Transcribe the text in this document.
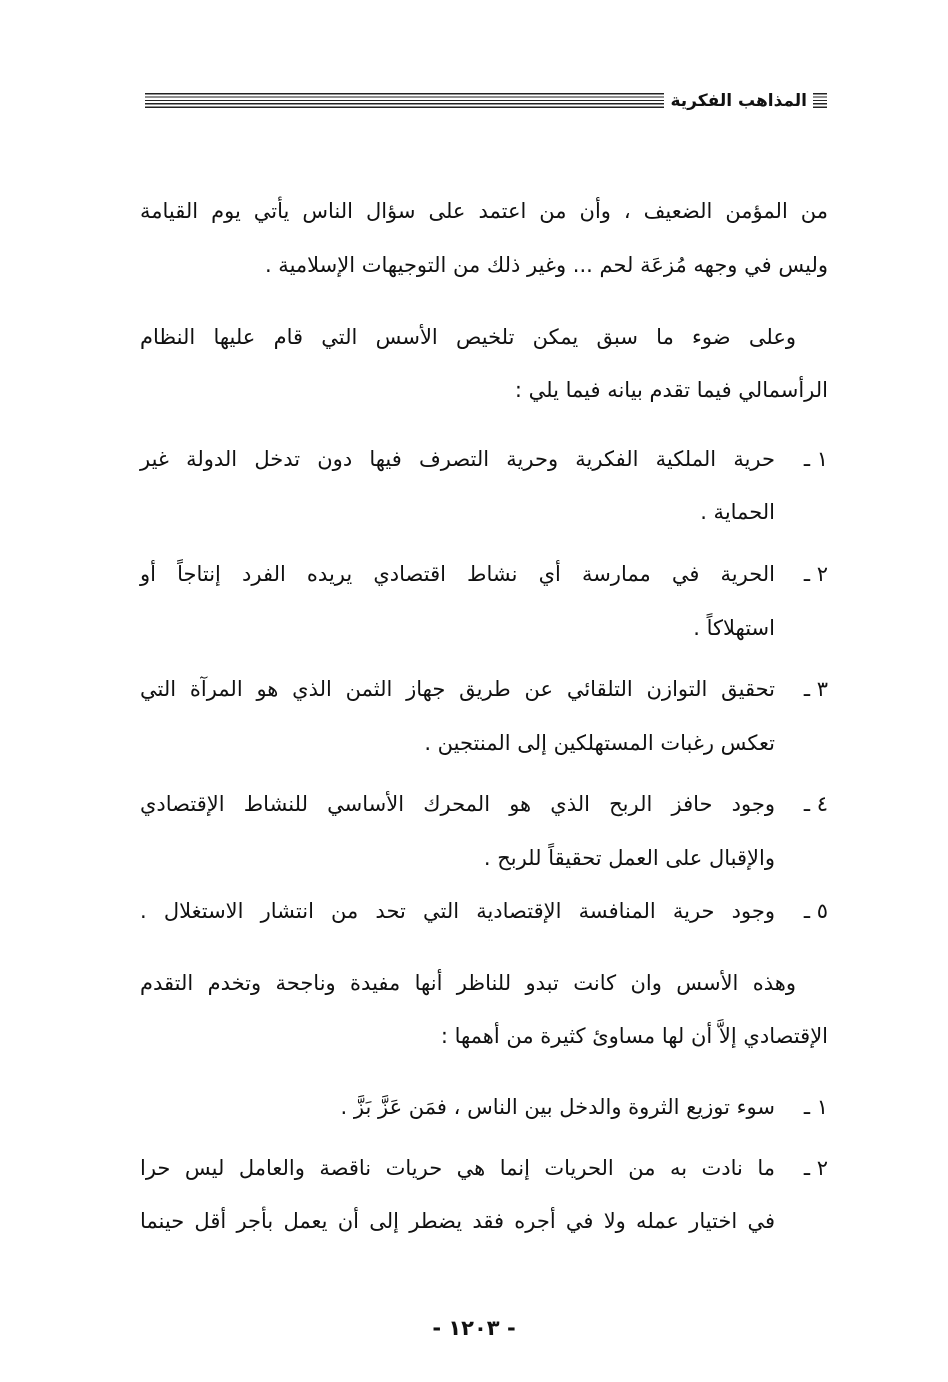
المذاهب الفكرية
من المؤمن الضعيف ، وأن من اعتمد على سؤال الناس يأتي يوم القيامة
وليس في وجهه مُزعَة لحم ... وغير ذلك من التوجيهات الإسلامية .
وعلى ضوء ما سبق يمكن تلخيص الأسس التي قام عليها النظام
الرأسمالي فيما تقدم بيانه فيما يلي :
١ ـ
حرية الملكية الفكرية وحرية التصرف فيها دون تدخل الدولة غير
الحماية .
٢ ـ
الحرية في ممارسة أي نشاط اقتصادي يريده الفرد إنتاجاً أو
استهلاكاً .
٣ ـ
تحقيق التوازن التلقائي عن طريق جهاز الثمن الذي هو المرآة التي
تعكس رغبات المستهلكين إلى المنتجين .
٤ ـ
وجود حافز الربح الذي هو المحرك الأساسي للنشاط الإقتصادي
والإقبال على العمل تحقيقاً للربح .
٥ ـ
وجود حرية المنافسة الإقتصادية التي تحد من انتشار الاستغلال .
وهذه الأسس وان كانت تبدو للناظر أنها مفيدة وناجحة وتخدم التقدم
الإقتصادي إلاَّ أن لها مساوئ كثيرة من أهمها :
١ ـ
سوء توزيع الثروة والدخل بين الناس ، فمَن عَزَّ بَزَّ .
٢ ـ
ما نادت به من الحريات إنما هي حريات ناقصة والعامل ليس حرا
في اختيار عمله ولا في أجره فقد يضطر إلى أن يعمل بأجر أقل حينما
- ١٢٠٣ -
